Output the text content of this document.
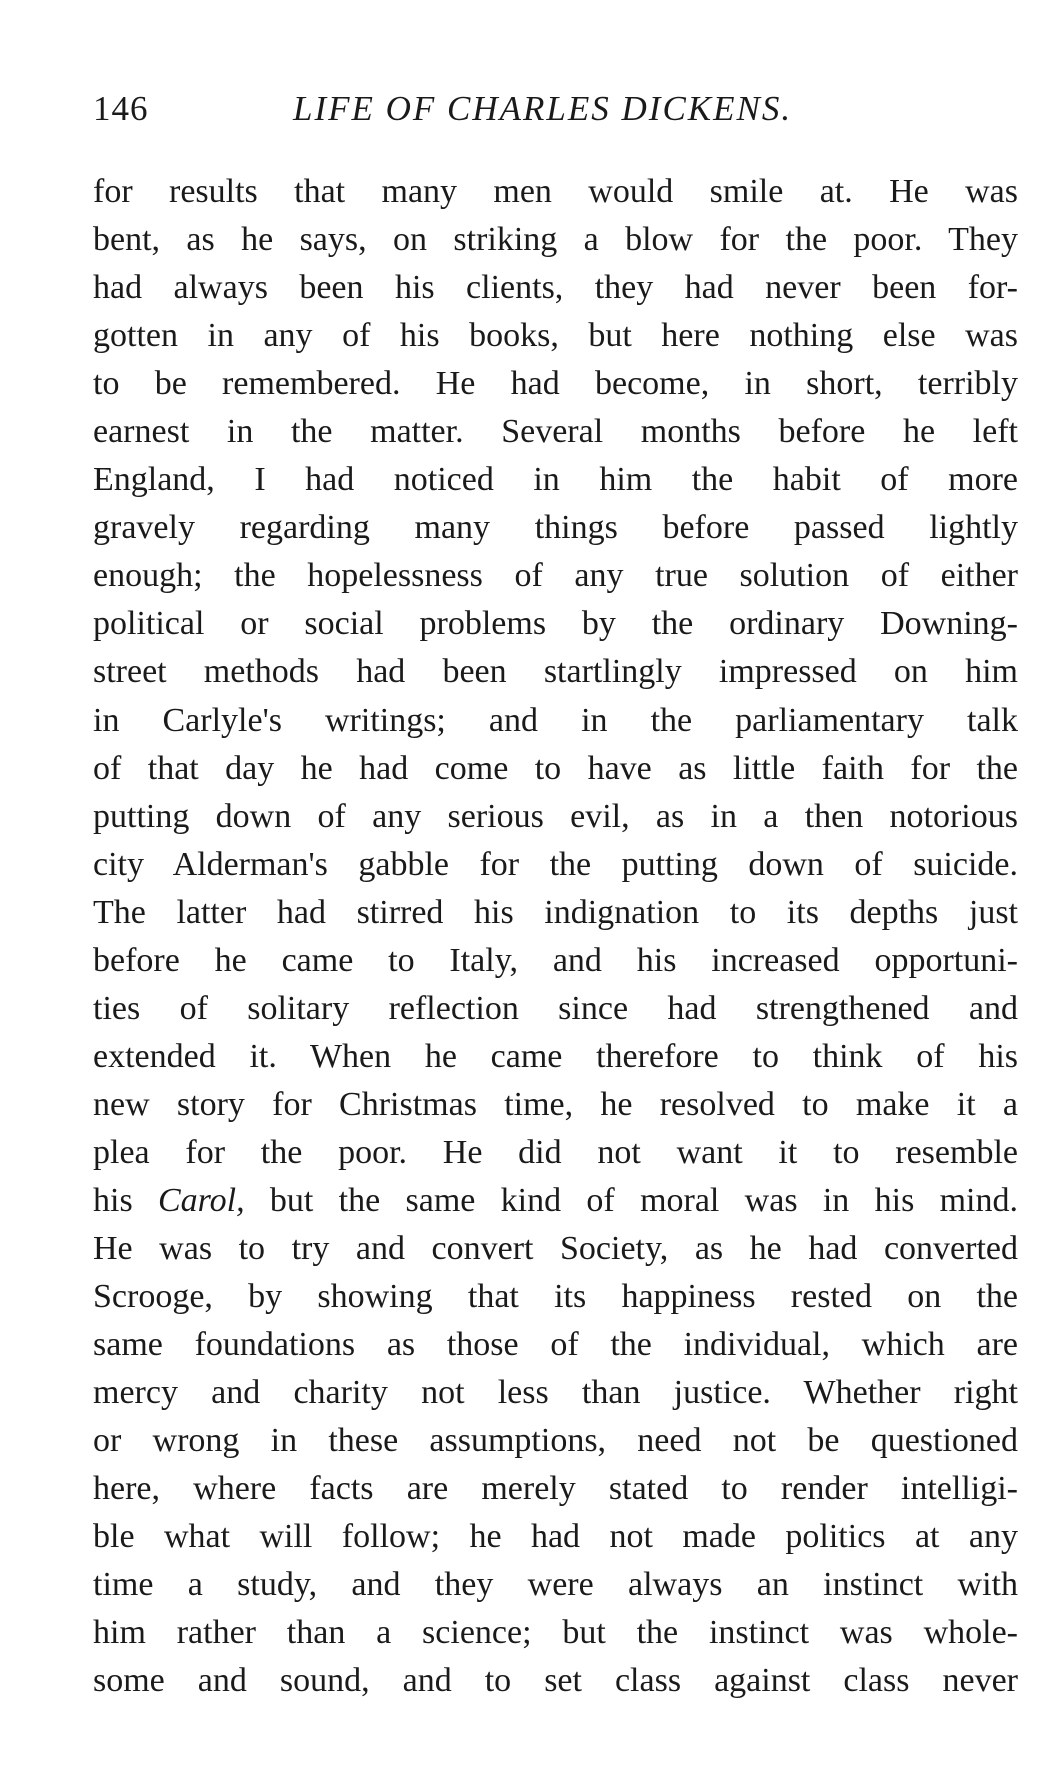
146	LIFE OF CHARLES DICKENS.
for results that many men would smile at. He was
bent, as he says, on striking a blow for the poor. They
had always been his clients, they had never been for-
gotten in any of his books, but here nothing else was
to be remembered. He had become, in short, terribly
earnest in the matter. Several months before he left
England, I had noticed in him the habit of more
gravely regarding many things before passed lightly
enough; the hopelessness of any true solution of either
political or social problems by the ordinary Downing-
street methods had been startlingly impressed on him
in Carlyle's writings; and in the parliamentary talk
of that day he had come to have as little faith for the
putting down of any serious evil, as in a then notorious
city Alderman's gabble for the putting down of suicide.
The latter had stirred his indignation to its depths just
before he came to Italy, and his increased opportuni-
ties of solitary reflection since had strengthened and
extended it. When he came therefore to think of his
new story for Christmas time, he resolved to make it a
plea for the poor. He did not want it to resemble
his Carol, but the same kind of moral was in his mind.
He was to try and convert Society, as he had converted
Scrooge, by showing that its happiness rested on the
same foundations as those of the individual, which are
mercy and charity not less than justice. Whether right
or wrong in these assumptions, need not be questioned
here, where facts are merely stated to render intelligi-
ble what will follow; he had not made politics at any
time a study, and they were always an instinct with
him rather than a science; but the instinct was whole-
some and sound, and to set class against class never
